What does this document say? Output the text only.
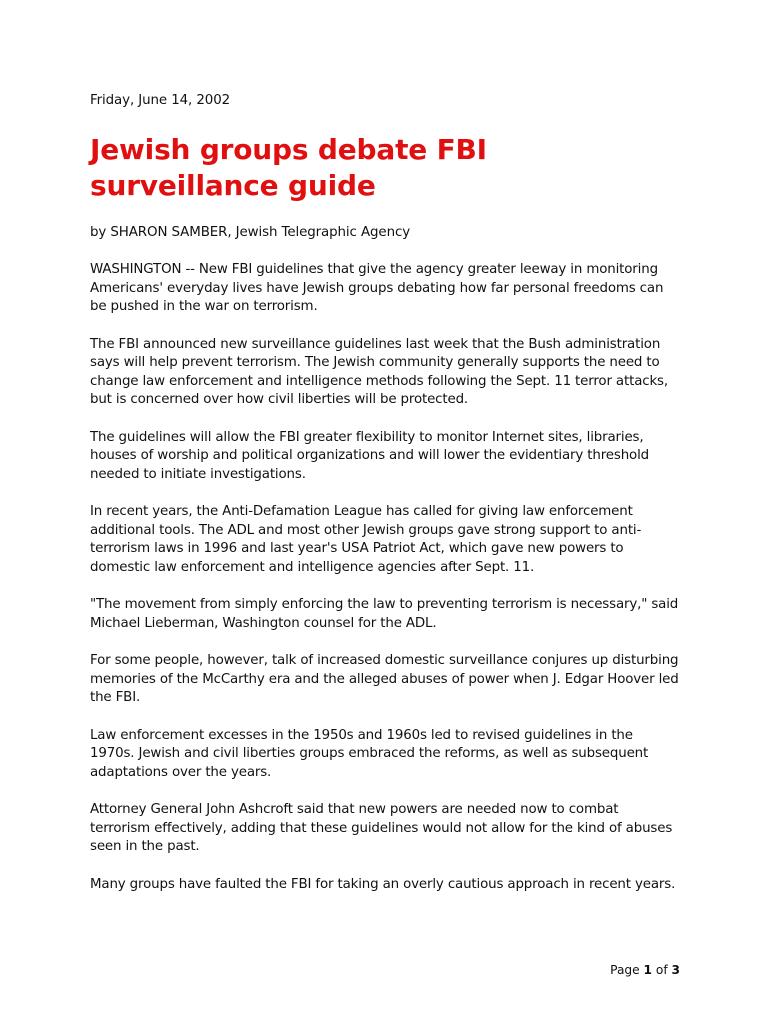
Friday, June 14, 2002
Jewish groups debate FBI surveillance guide
by SHARON SAMBER, Jewish Telegraphic Agency

WASHINGTON -- New FBI guidelines that give the agency greater leeway in monitoring Americans' everyday lives have Jewish groups debating how far personal freedoms can be pushed in the war on terrorism.

The FBI announced new surveillance guidelines last week that the Bush administration says will help prevent terrorism. The Jewish community generally supports the need to change law enforcement and intelligence methods following the Sept. 11 terror attacks, but is concerned over how civil liberties will be protected.

The guidelines will allow the FBI greater flexibility to monitor Internet sites, libraries, houses of worship and political organizations and will lower the evidentiary threshold needed to initiate investigations.

In recent years, the Anti-Defamation League has called for giving law enforcement additional tools. The ADL and most other Jewish groups gave strong support to anti-terrorism laws in 1996 and last year's USA Patriot Act, which gave new powers to domestic law enforcement and intelligence agencies after Sept. 11.

"The movement from simply enforcing the law to preventing terrorism is necessary," said Michael Lieberman, Washington counsel for the ADL.

For some people, however, talk of increased domestic surveillance conjures up disturbing memories of the McCarthy era and the alleged abuses of power when J. Edgar Hoover led the FBI.

Law enforcement excesses in the 1950s and 1960s led to revised guidelines in the 1970s. Jewish and civil liberties groups embraced the reforms, as well as subsequent adaptations over the years.

Attorney General John Ashcroft said that new powers are needed now to combat terrorism effectively, adding that these guidelines would not allow for the kind of abuses seen in the past.

Many groups have faulted the FBI for taking an overly cautious approach in recent years.

Page 1 of 3
